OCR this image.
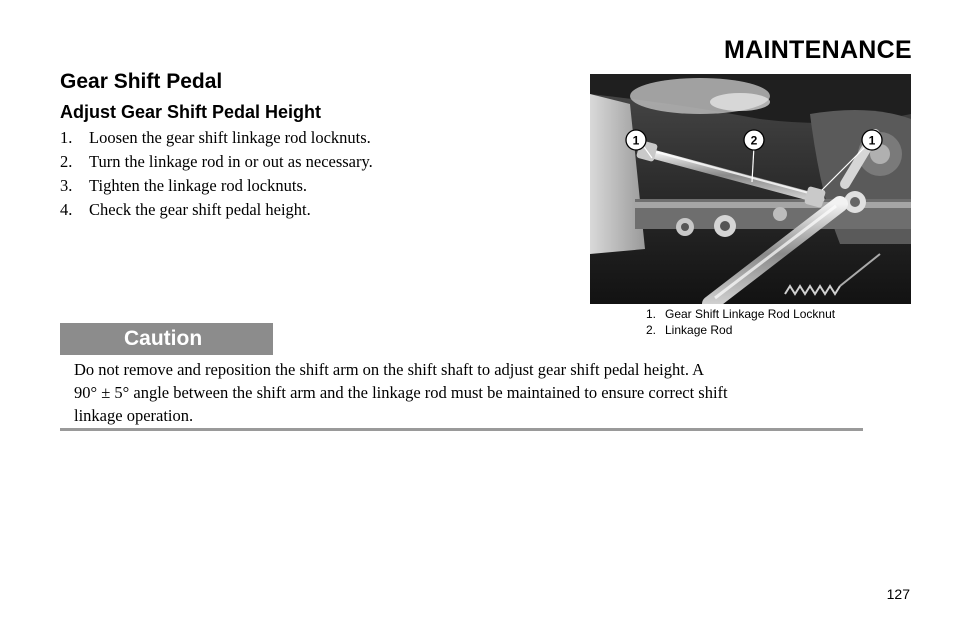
MAINTENANCE
Gear Shift Pedal
Adjust Gear Shift Pedal Height
1. Loosen the gear shift linkage rod locknuts.
2. Turn the linkage rod in or out as necessary.
3. Tighten the linkage rod locknuts.
4. Check the gear shift pedal height.
1	2	1
1. Gear Shift Linkage Rod Locknut
2. Linkage Rod
Caution
Do not remove and reposition the shift arm on the shift shaft to adjust gear shift pedal height. A
90° ± 5° angle between the shift arm and the linkage rod must be maintained to ensure correct shift
linkage operation.
127
